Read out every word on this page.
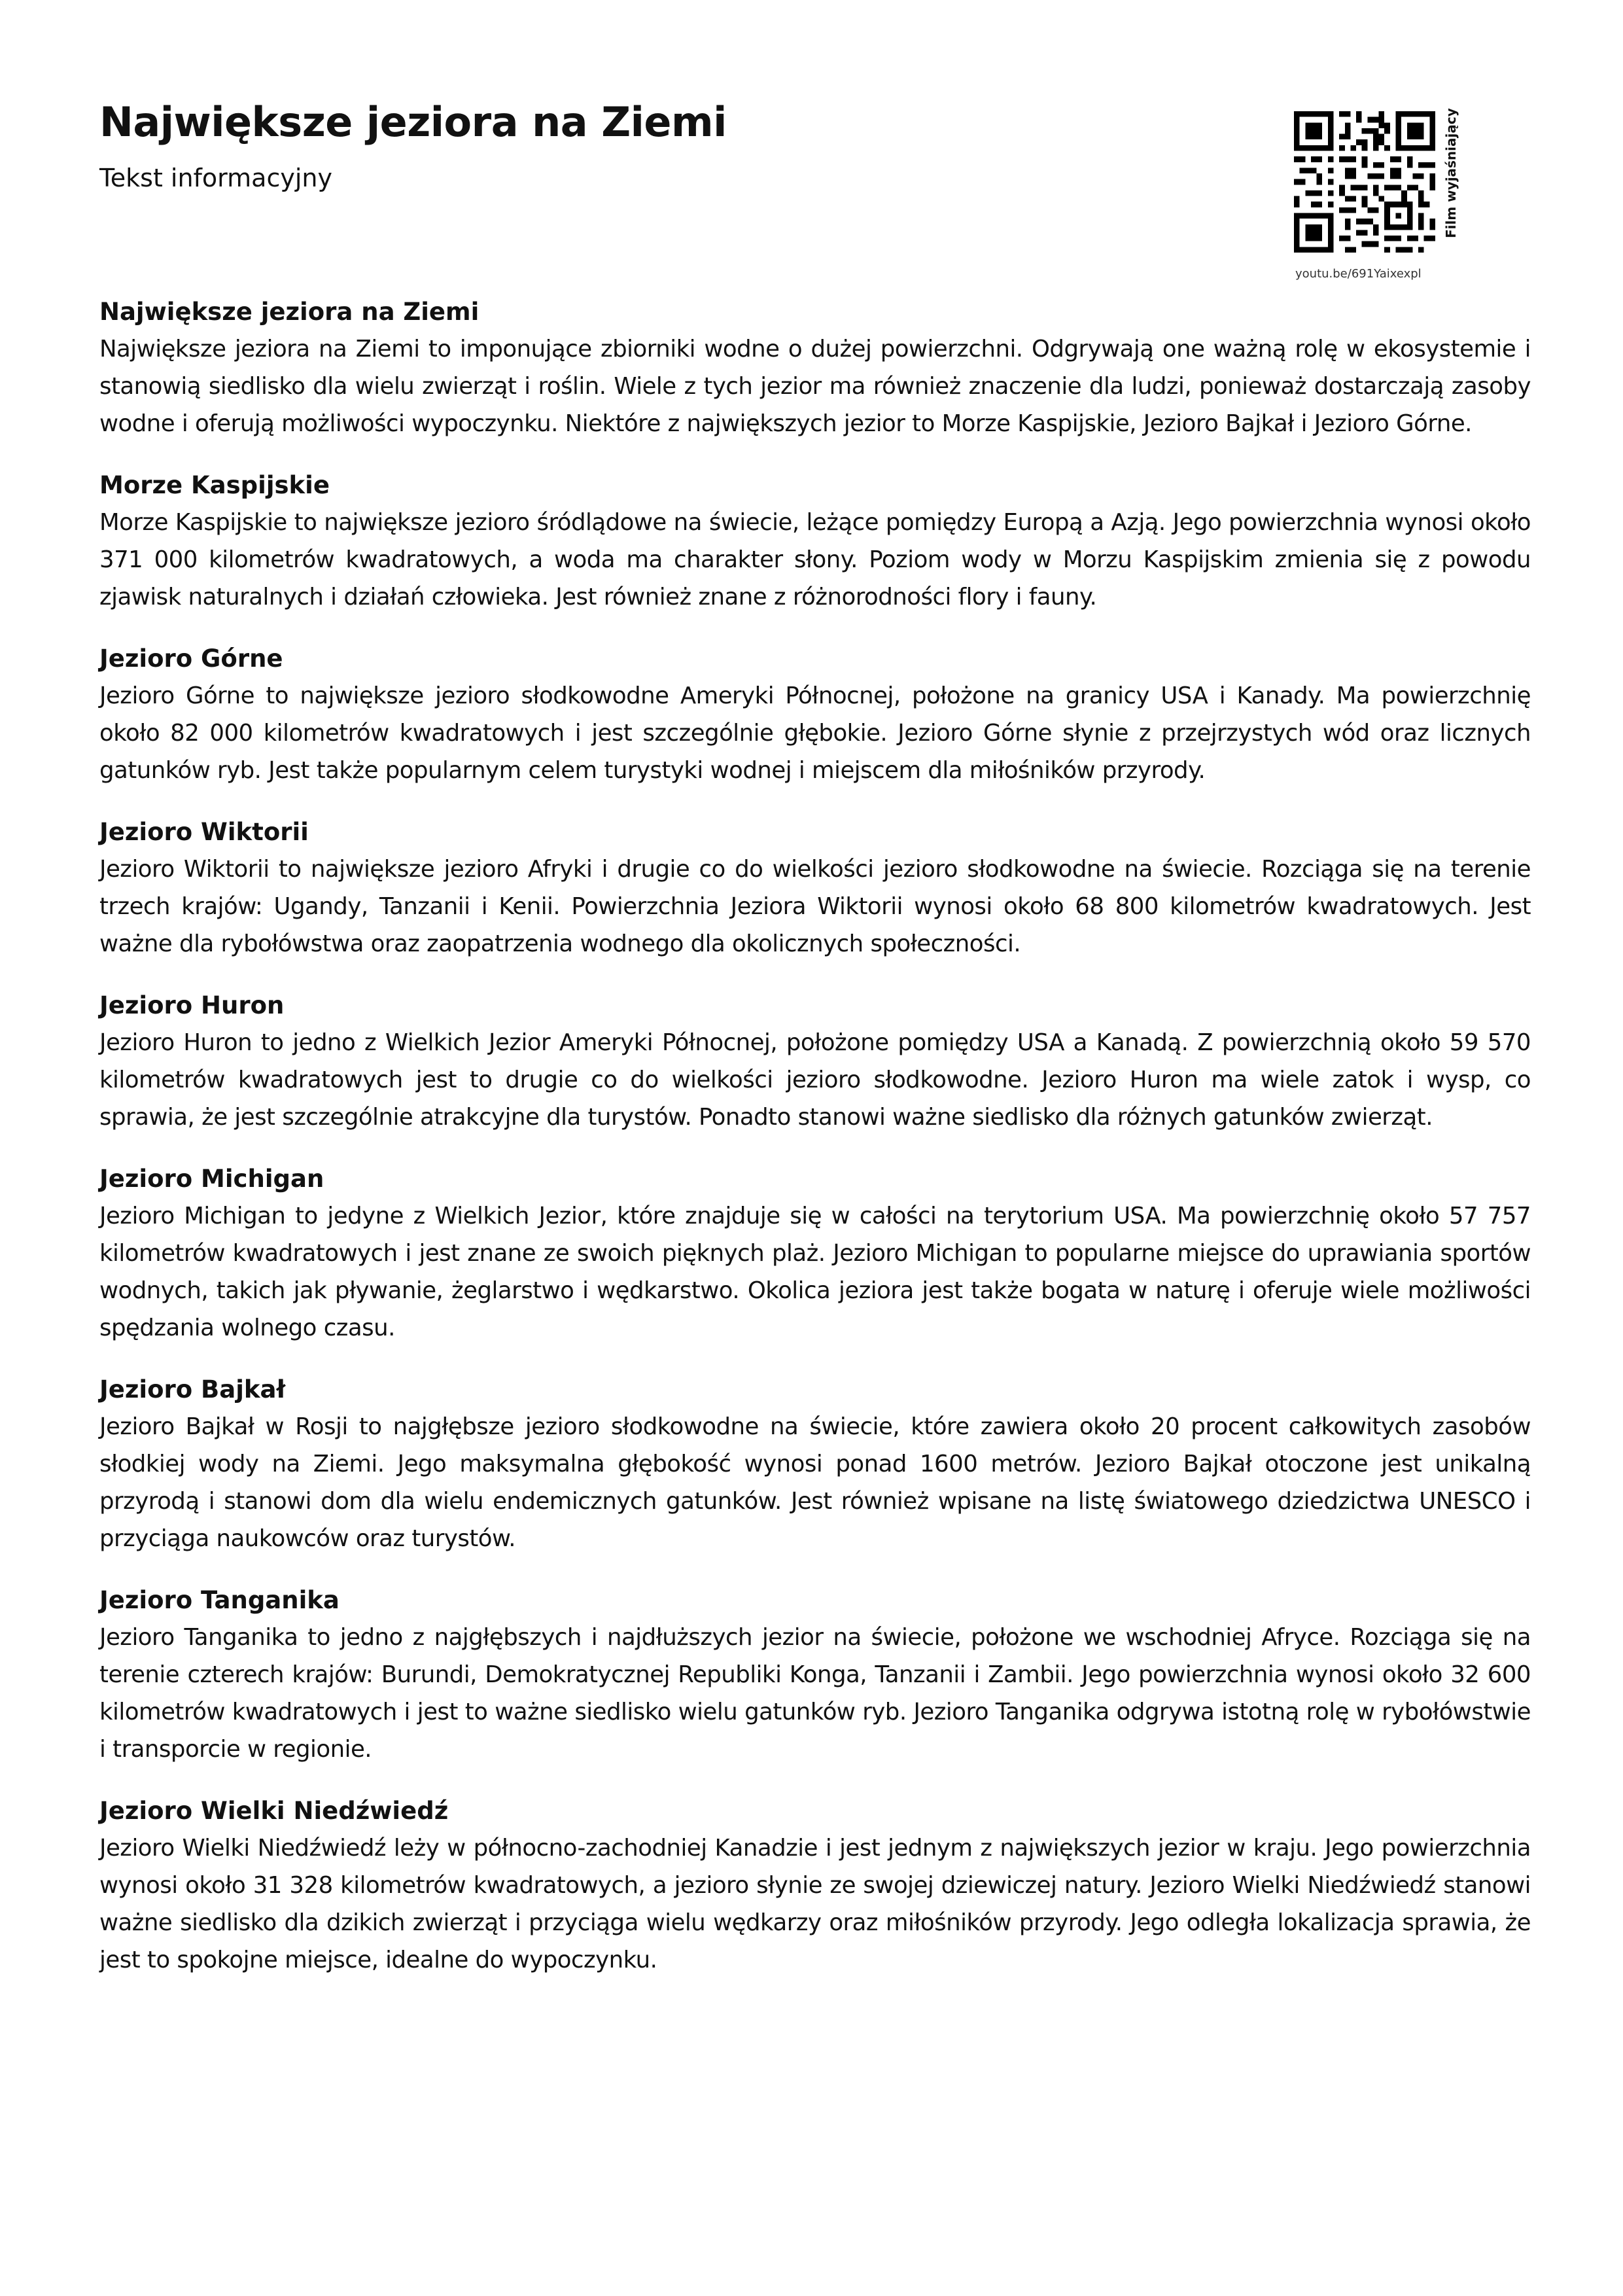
Największe jeziora na Ziemi
Tekst informacyjny
youtu.be/691Yaixexpl
Film wyjaśniający
Największe jeziora na Ziemi

Największe jeziora na Ziemi to imponujące zbiorniki wodne o dużej powierzchni. Odgrywają one ważną rolę w ekosystemie i stanowią siedlisko dla wielu zwierząt i roślin. Wiele z tych jezior ma również znaczenie dla ludzi, ponieważ dostarczają zasoby wodne i oferują możliwości wypoczynku. Niektóre z największych jezior to Morze Kaspijskie, Jezioro Bajkał i Jezioro Górne.

Morze Kaspijskie

Morze Kaspijskie to największe jezioro śródlądowe na świecie, leżące pomiędzy Europą a Azją. Jego powierzchnia wynosi około 371 000 kilometrów kwadratowych, a woda ma charakter słony. Poziom wody w Morzu Kaspijskim zmienia się z powodu zjawisk naturalnych i działań człowieka. Jest również znane z różnorodności flory i fauny.

Jezioro Górne

Jezioro Górne to największe jezioro słodkowodne Ameryki Północnej, położone na granicy USA i Kanady. Ma powierzchnię około 82 000 kilometrów kwadratowych i jest szczególnie głębokie. Jezioro Górne słynie z przejrzystych wód oraz licznych gatunków ryb. Jest także popularnym celem turystyki wodnej i miejscem dla miłośników przyrody.

Jezioro Wiktorii

Jezioro Wiktorii to największe jezioro Afryki i drugie co do wielkości jezioro słodkowodne na świecie. Rozciąga się na terenie trzech krajów: Ugandy, Tanzanii i Kenii. Powierzchnia Jeziora Wiktorii wynosi około 68 800 kilometrów kwadratowych. Jest ważne dla rybołówstwa oraz zaopatrzenia wodnego dla okolicznych społeczności.

Jezioro Huron

Jezioro Huron to jedno z Wielkich Jezior Ameryki Północnej, położone pomiędzy USA a Kanadą. Z powierzchnią około 59 570 kilometrów kwadratowych jest to drugie co do wielkości jezioro słodkowodne. Jezioro Huron ma wiele zatok i wysp, co sprawia, że jest szczególnie atrakcyjne dla turystów. Ponadto stanowi ważne siedlisko dla różnych gatunków zwierząt.

Jezioro Michigan

Jezioro Michigan to jedyne z Wielkich Jezior, które znajduje się w całości na terytorium USA. Ma powierzchnię około 57 757 kilometrów kwadratowych i jest znane ze swoich pięknych plaż. Jezioro Michigan to popularne miejsce do uprawiania sportów wodnych, takich jak pływanie, żeglarstwo i wędkarstwo. Okolica jeziora jest także bogata w naturę i oferuje wiele możliwości spędzania wolnego czasu.

Jezioro Bajkał

Jezioro Bajkał w Rosji to najgłębsze jezioro słodkowodne na świecie, które zawiera około 20 procent całkowitych zasobów słodkiej wody na Ziemi. Jego maksymalna głębokość wynosi ponad 1600 metrów. Jezioro Bajkał otoczone jest unikalną przyrodą i stanowi dom dla wielu endemicznych gatunków. Jest również wpisane na listę światowego dziedzictwa UNESCO i przyciąga naukowców oraz turystów.

Jezioro Tanganika

Jezioro Tanganika to jedno z najgłębszych i najdłuższych jezior na świecie, położone we wschodniej Afryce. Rozciąga się na terenie czterech krajów: Burundi, Demokratycznej Republiki Konga, Tanzanii i Zambii. Jego powierzchnia wynosi około 32 600 kilometrów kwadratowych i jest to ważne siedlisko wielu gatunków ryb. Jezioro Tanganika odgrywa istotną rolę w rybołówstwie i transporcie w regionie.

Jezioro Wielki Niedźwiedź

Jezioro Wielki Niedźwiedź leży w północno-zachodniej Kanadzie i jest jednym z największych jezior w kraju. Jego powierzchnia wynosi około 31 328 kilometrów kwadratowych, a jezioro słynie ze swojej dziewiczej natury. Jezioro Wielki Niedźwiedź stanowi ważne siedlisko dla dzikich zwierząt i przyciąga wielu wędkarzy oraz miłośników przyrody. Jego odległa lokalizacja sprawia, że jest to spokojne miejsce, idealne do wypoczynku.
